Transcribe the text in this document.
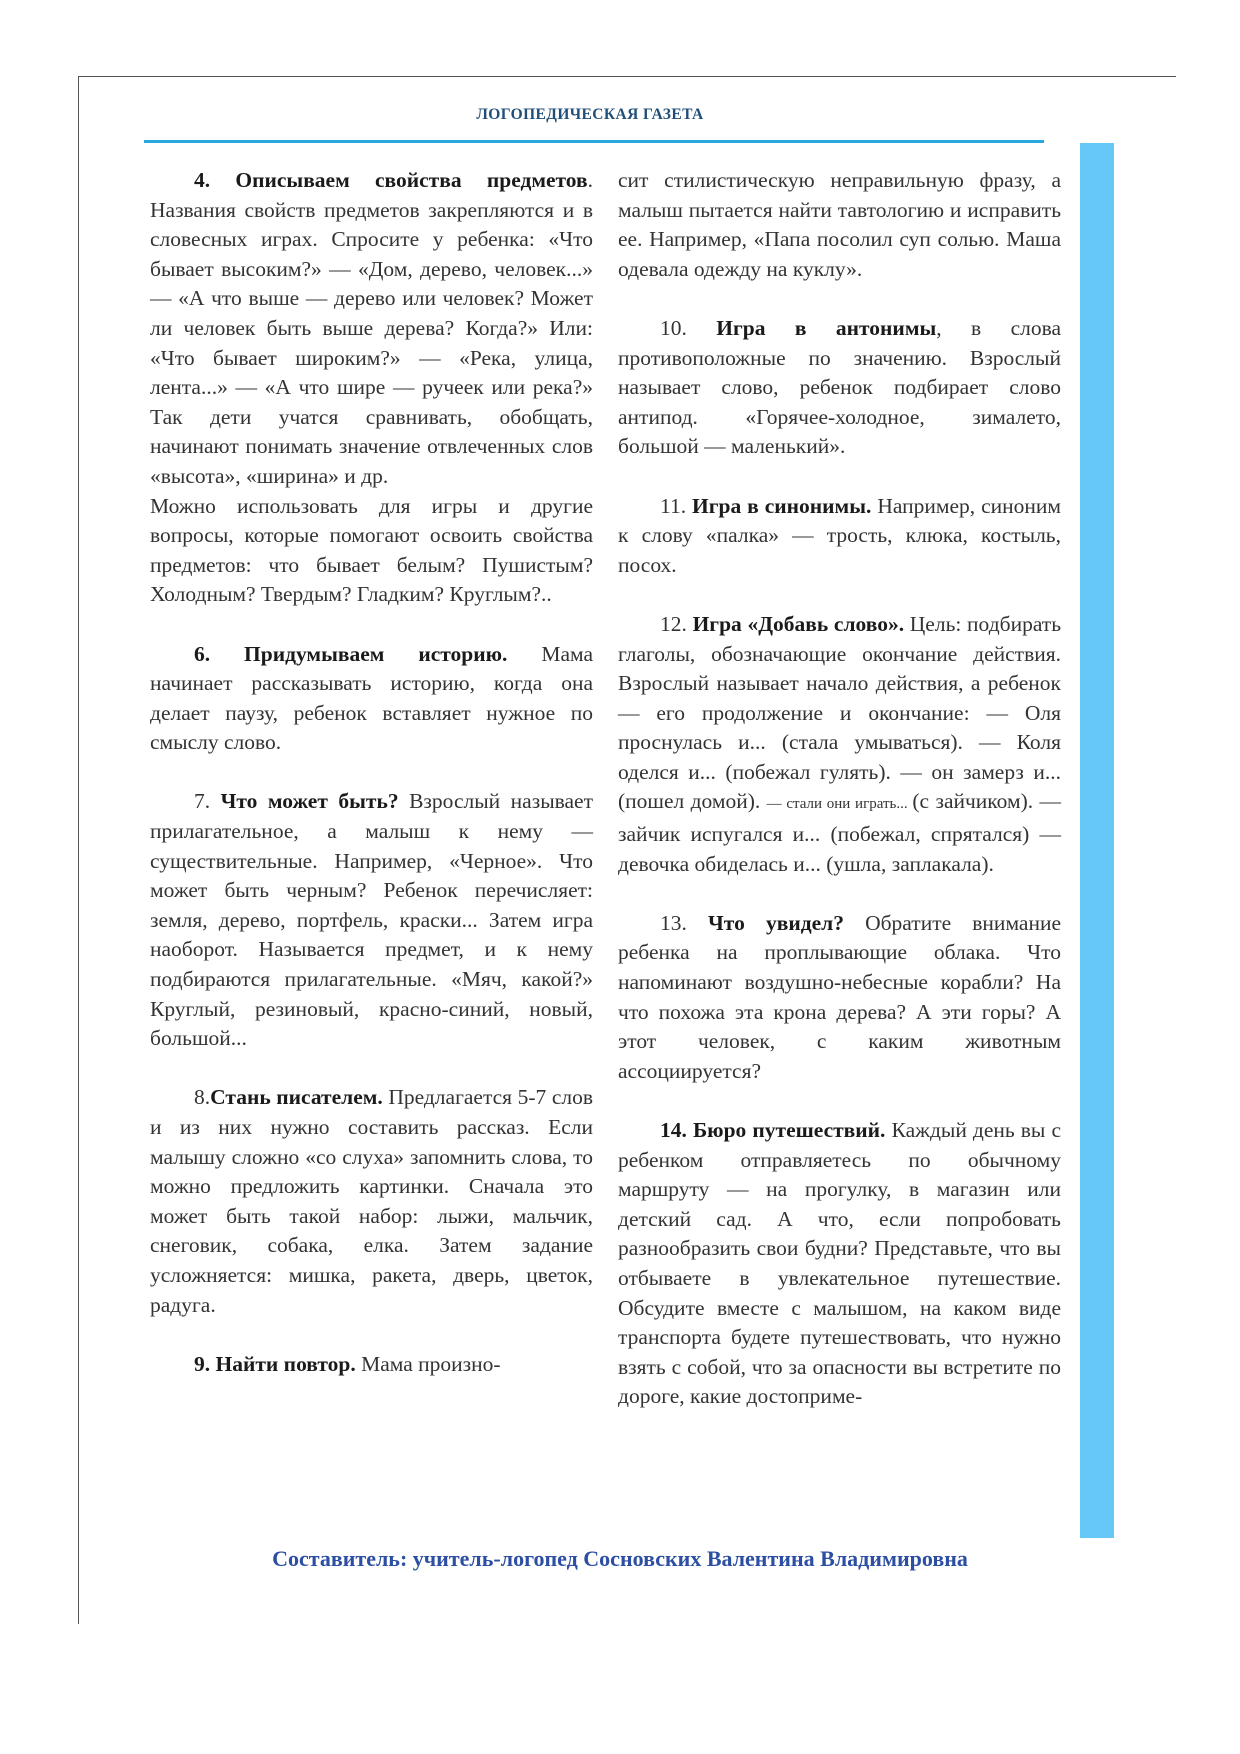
ЛОГОПЕДИЧЕСКАЯ ГАЗЕТА

4. Описываем свойства предметов. Названия свойств предметов закрепляются и в словесных играх. Спросите у ребенка: «Что бывает высоким?» — «Дом, дерево, человек...» — «А что выше — дерево или человек? Может ли человек быть выше дерева? Когда?» Или: «Что бывает широким?» — «Река, улица, лента...» — «А что шире — ручеек или река?» Так дети учатся сравнивать, обобщать, начинают понимать значение отвлеченных слов «высота», «ширина» и др.

Можно использовать для игры и другие вопросы, которые помогают освоить свойства предметов: что бывает белым? Пушистым? Холодным? Твердым? Гладким? Круглым?..

6. Придумываем историю. Мама начинает рассказывать историю, когда она делает паузу, ребенок вставляет нужное по смыслу слово.

7. Что может быть? Взрослый называет прилагательное, а малыш к нему — существительные. Например, «Черное». Что может быть черным? Ребенок перечисляет: земля, дерево, портфель, краски... Затем игра наоборот. Называется предмет, и к нему подбираются прилагательные. «Мяч, какой?» Круглый, резиновый, красно-синий, новый, большой...

8.Стань писателем. Предлагается 5-7 слов и из них нужно составить рассказ. Если малышу сложно «со слуха» запомнить слова, то можно предложить картинки. Сначала это может быть такой набор: лыжи, мальчик, снеговик, собака, елка. Затем задание усложняется: мишка, ракета, дверь, цветок, радуга.

9. Найти повтор. Мама произно-

сит стилистическую неправильную фразу, а малыш пытается найти тавтологию и исправить ее. Например, «Папа посолил суп солью. Маша одевала одежду на куклу».

10. Игра в антонимы, в слова противоположные по значению. Взрослый называет слово, ребенок подбирает слово антипод. «Горячее-холодное, зималето, большой — маленький».

11. Игра в синонимы. Например, синоним к слову «палка» — трость, клюка, костыль, посох.

12. Игра «Добавь слово». Цель: подбирать глаголы, обозначающие окончание действия. Взрослый называет начало действия, а ребенок — его продолжение и окончание: — Оля проснулась и... (стала умываться). — Коля оделся и... (побежал гулять). — он замерз и... (пошел домой). — стали они играть... (с зайчиком). — зайчик испугался и... (побежал, спрятался) — девочка обиделась и... (ушла, заплакала).

13. Что увидел? Обратите внимание ребенка на проплывающие облака. Что напоминают воздушно-небесные корабли? На что похожа эта крона дерева? А эти горы? А этот человек, с каким животным ассоциируется?

14. Бюро путешествий. Каждый день вы с ребенком отправляетесь по обычному маршруту — на прогулку, в магазин или детский сад. А что, если попробовать разнообразить свои будни? Представьте, что вы отбываете в увлекательное путешествие. Обсудите вместе с малышом, на каком виде транспорта будете путешествовать, что нужно взять с собой, что за опасности вы встретите по дороге, какие достоприме-

Составитель: учитель-логопед Сосновских Валентина Владимировна
